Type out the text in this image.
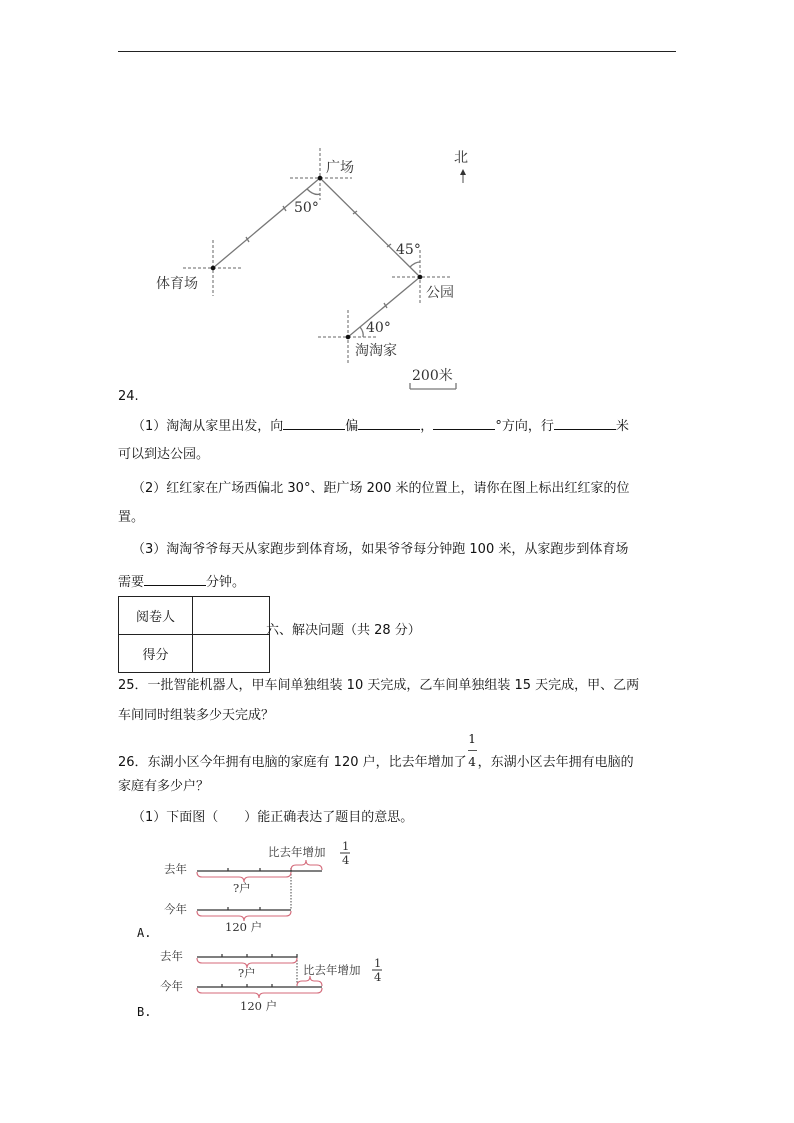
广场
体育场
公园
淘淘家
北
50°
45°
40°
200米
去年
今年
?户
120 户
比去年增加 1
4
去年
今年
?户
120 户
比去年增加 1
4
24.
（1）淘淘从家里出发，向	偏	，	°方向，行	米
可以到达公园。
（2）红红家在广场西偏北 30°、距广场 200 米的位置上，请你在图上标出红红家的位
置。
（3）淘淘爷爷每天从家跑步到体育场，如果爷爷每分钟跑 100 米，从家跑步到体育场
需要	分钟。
阅卷人	
得分	
六、解决问题（共 28 分）
25．一批智能机器人，甲车间单独组装 10 天完成，乙车间单独组装 15 天完成，甲、乙两
车间同时组装多少天完成？
26．东湖小区今年拥有电脑的家庭有 120 户，比去年增加了 $\frac{1}{4}$，东湖小区去年拥有电脑的
家庭有多少户？
（1）下面图（　　）能正确表达了题目的意思。
A.
B.
